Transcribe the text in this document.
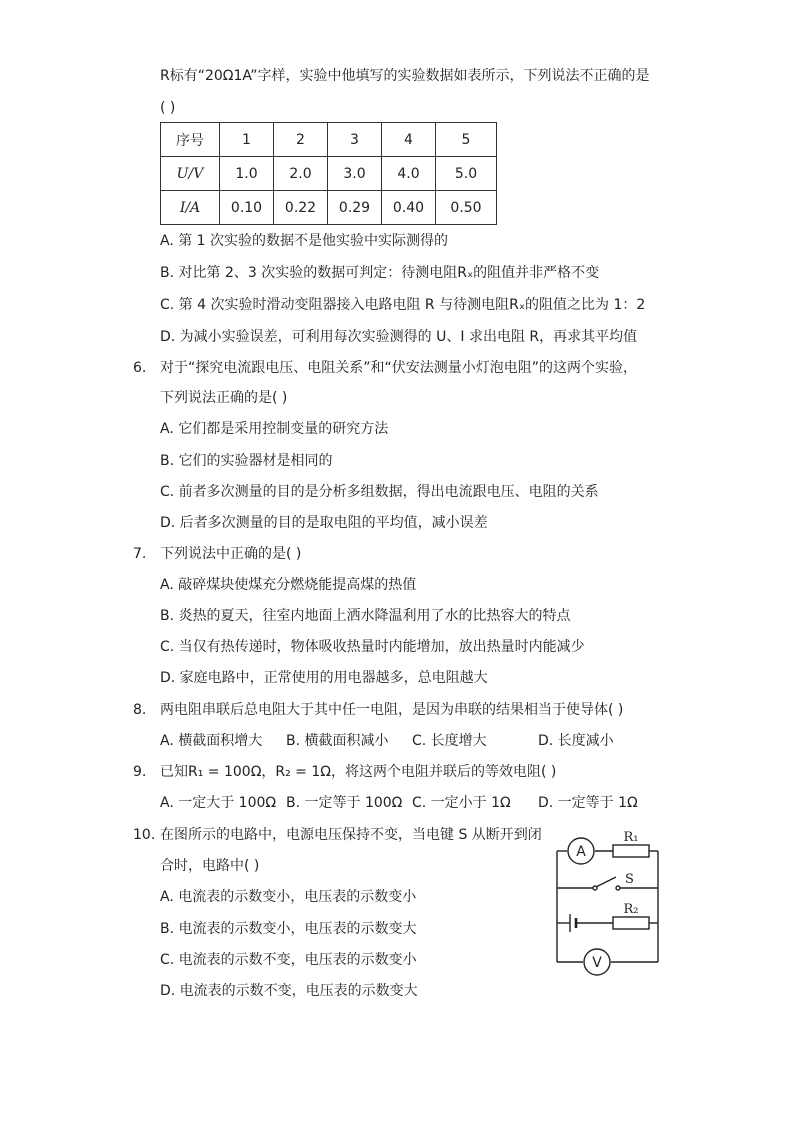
R标有“20Ω1A”字样，实验中他填写的实验数据如表所示，下列说法不正确的是
( )
序号	1	2	3	4	5
U/V	1.0	2.0	3.0	4.0	5.0
I/A	0.10	0.22	0.29	0.40	0.50
A. 第 1 次实验的数据不是他实验中实际测得的
B. 对比第 2、3 次实验的数据可判定：待测电阻Rₓ的阻值并非严格不变
C. 第 4 次实验时滑动变阻器接入电路电阻 R 与待测电阻Rₓ的阻值之比为 1：2
D. 为减小实验误差，可利用每次实验测得的 U、I 求出电阻 R，再求其平均值
6. 对于“探究电流跟电压、电阻关系”和“伏安法测量小灯泡电阻”的这两个实验，
下列说法正确的是( )
A. 它们都是采用控制变量的研究方法
B. 它们的实验器材是相同的
C. 前者多次测量的目的是分析多组数据，得出电流跟电压、电阻的关系
D. 后者多次测量的目的是取电阻的平均值，减小误差
7. 下列说法中正确的是( )
A. 敲碎煤块使煤充分燃烧能提高煤的热值
B. 炎热的夏天，往室内地面上洒水降温利用了水的比热容大的特点
C. 当仅有热传递时，物体吸收热量时内能增加，放出热量时内能减少
D. 家庭电路中，正常使用的用电器越多，总电阻越大
8. 两电阻串联后总电阻大于其中任一电阻，是因为串联的结果相当于使导体( )
A. 横截面积增大 B. 横截面积减小 C. 长度增大	D. 长度减小
9. 已知R₁ = 100Ω，R₂ = 1Ω，将这两个电阻并联后的等效电阻( )
A. 一定大于 100Ω B. 一定等于 100Ω C. 一定小于 1Ω D. 一定等于 1Ω
10. 在图所示的电路中，电源电压保持不变，当电键 S 从断开到闭
合时，电路中( )
A. 电流表的示数变小，电压表的示数变小
B. 电流表的示数变小，电压表的示数变大
C. 电流表的示数不变，电压表的示数变小
D. 电流表的示数不变，电压表的示数变大
A
V
R₁
R₂
S
